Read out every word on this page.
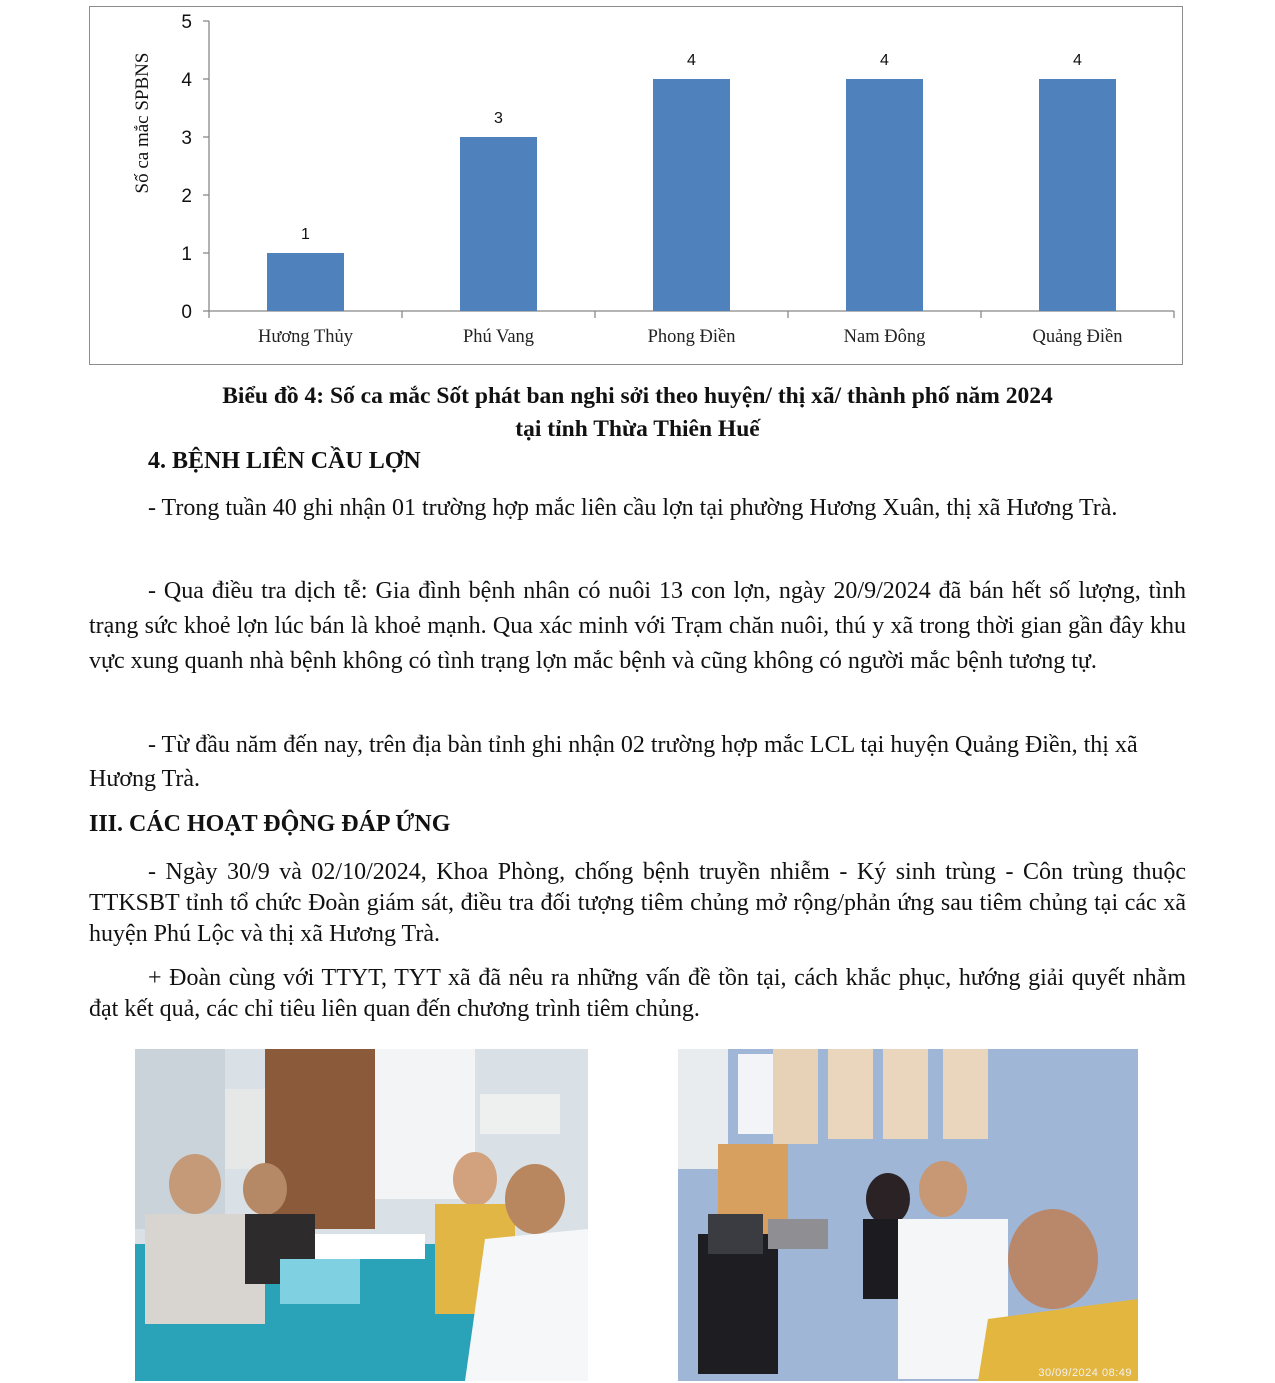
0
1
2
3
4
5
1
Hương Thủy
3
Phú Vang
4
Phong Điền
4
Nam Đông
4
Quảng Điền
Số ca mắc SPBNS
Biểu đồ 4: Số ca mắc Sốt phát ban nghi sởi theo huyện/ thị xã/ thành phố năm 2024
tại tỉnh Thừa Thiên Huế
4. BỆNH LIÊN CẦU LỢN

- Trong tuần 40 ghi nhận 01 trường hợp mắc liên cầu lợn tại phường Hương Xuân, thị xã Hương Trà.

- Qua điều tra dịch tễ: Gia đình bệnh nhân có nuôi 13 con lợn, ngày 20/9/2024 đã bán hết số lượng, tình trạng sức khoẻ lợn lúc bán là khoẻ mạnh. Qua xác minh với Trạm chăn nuôi, thú y xã trong thời gian gần đây khu vực xung quanh nhà bệnh không có tình trạng lợn mắc bệnh và cũng không có người mắc bệnh tương tự.

- Từ đầu năm đến nay, trên địa bàn tỉnh ghi nhận 02 trường hợp mắc LCL tại huyện Quảng Điền, thị xã Hương Trà.

III. CÁC HOẠT ĐỘNG ĐÁP ỨNG

- Ngày 30/9 và 02/10/2024, Khoa Phòng, chống bệnh truyền nhiễm - Ký sinh trùng - Côn trùng thuộc TTKSBT tỉnh tổ chức Đoàn giám sát, điều tra đối tượng tiêm chủng mở rộng/phản ứng sau tiêm chủng tại các xã huyện Phú Lộc và thị xã Hương Trà.

+ Đoàn cùng với TTYT, TYT xã đã nêu ra những vấn đề tồn tại, cách khắc phục, hướng giải quyết nhằm đạt kết quả, các chỉ tiêu liên quan đến chương trình tiêm chủng.

30/09/2024 08:49
